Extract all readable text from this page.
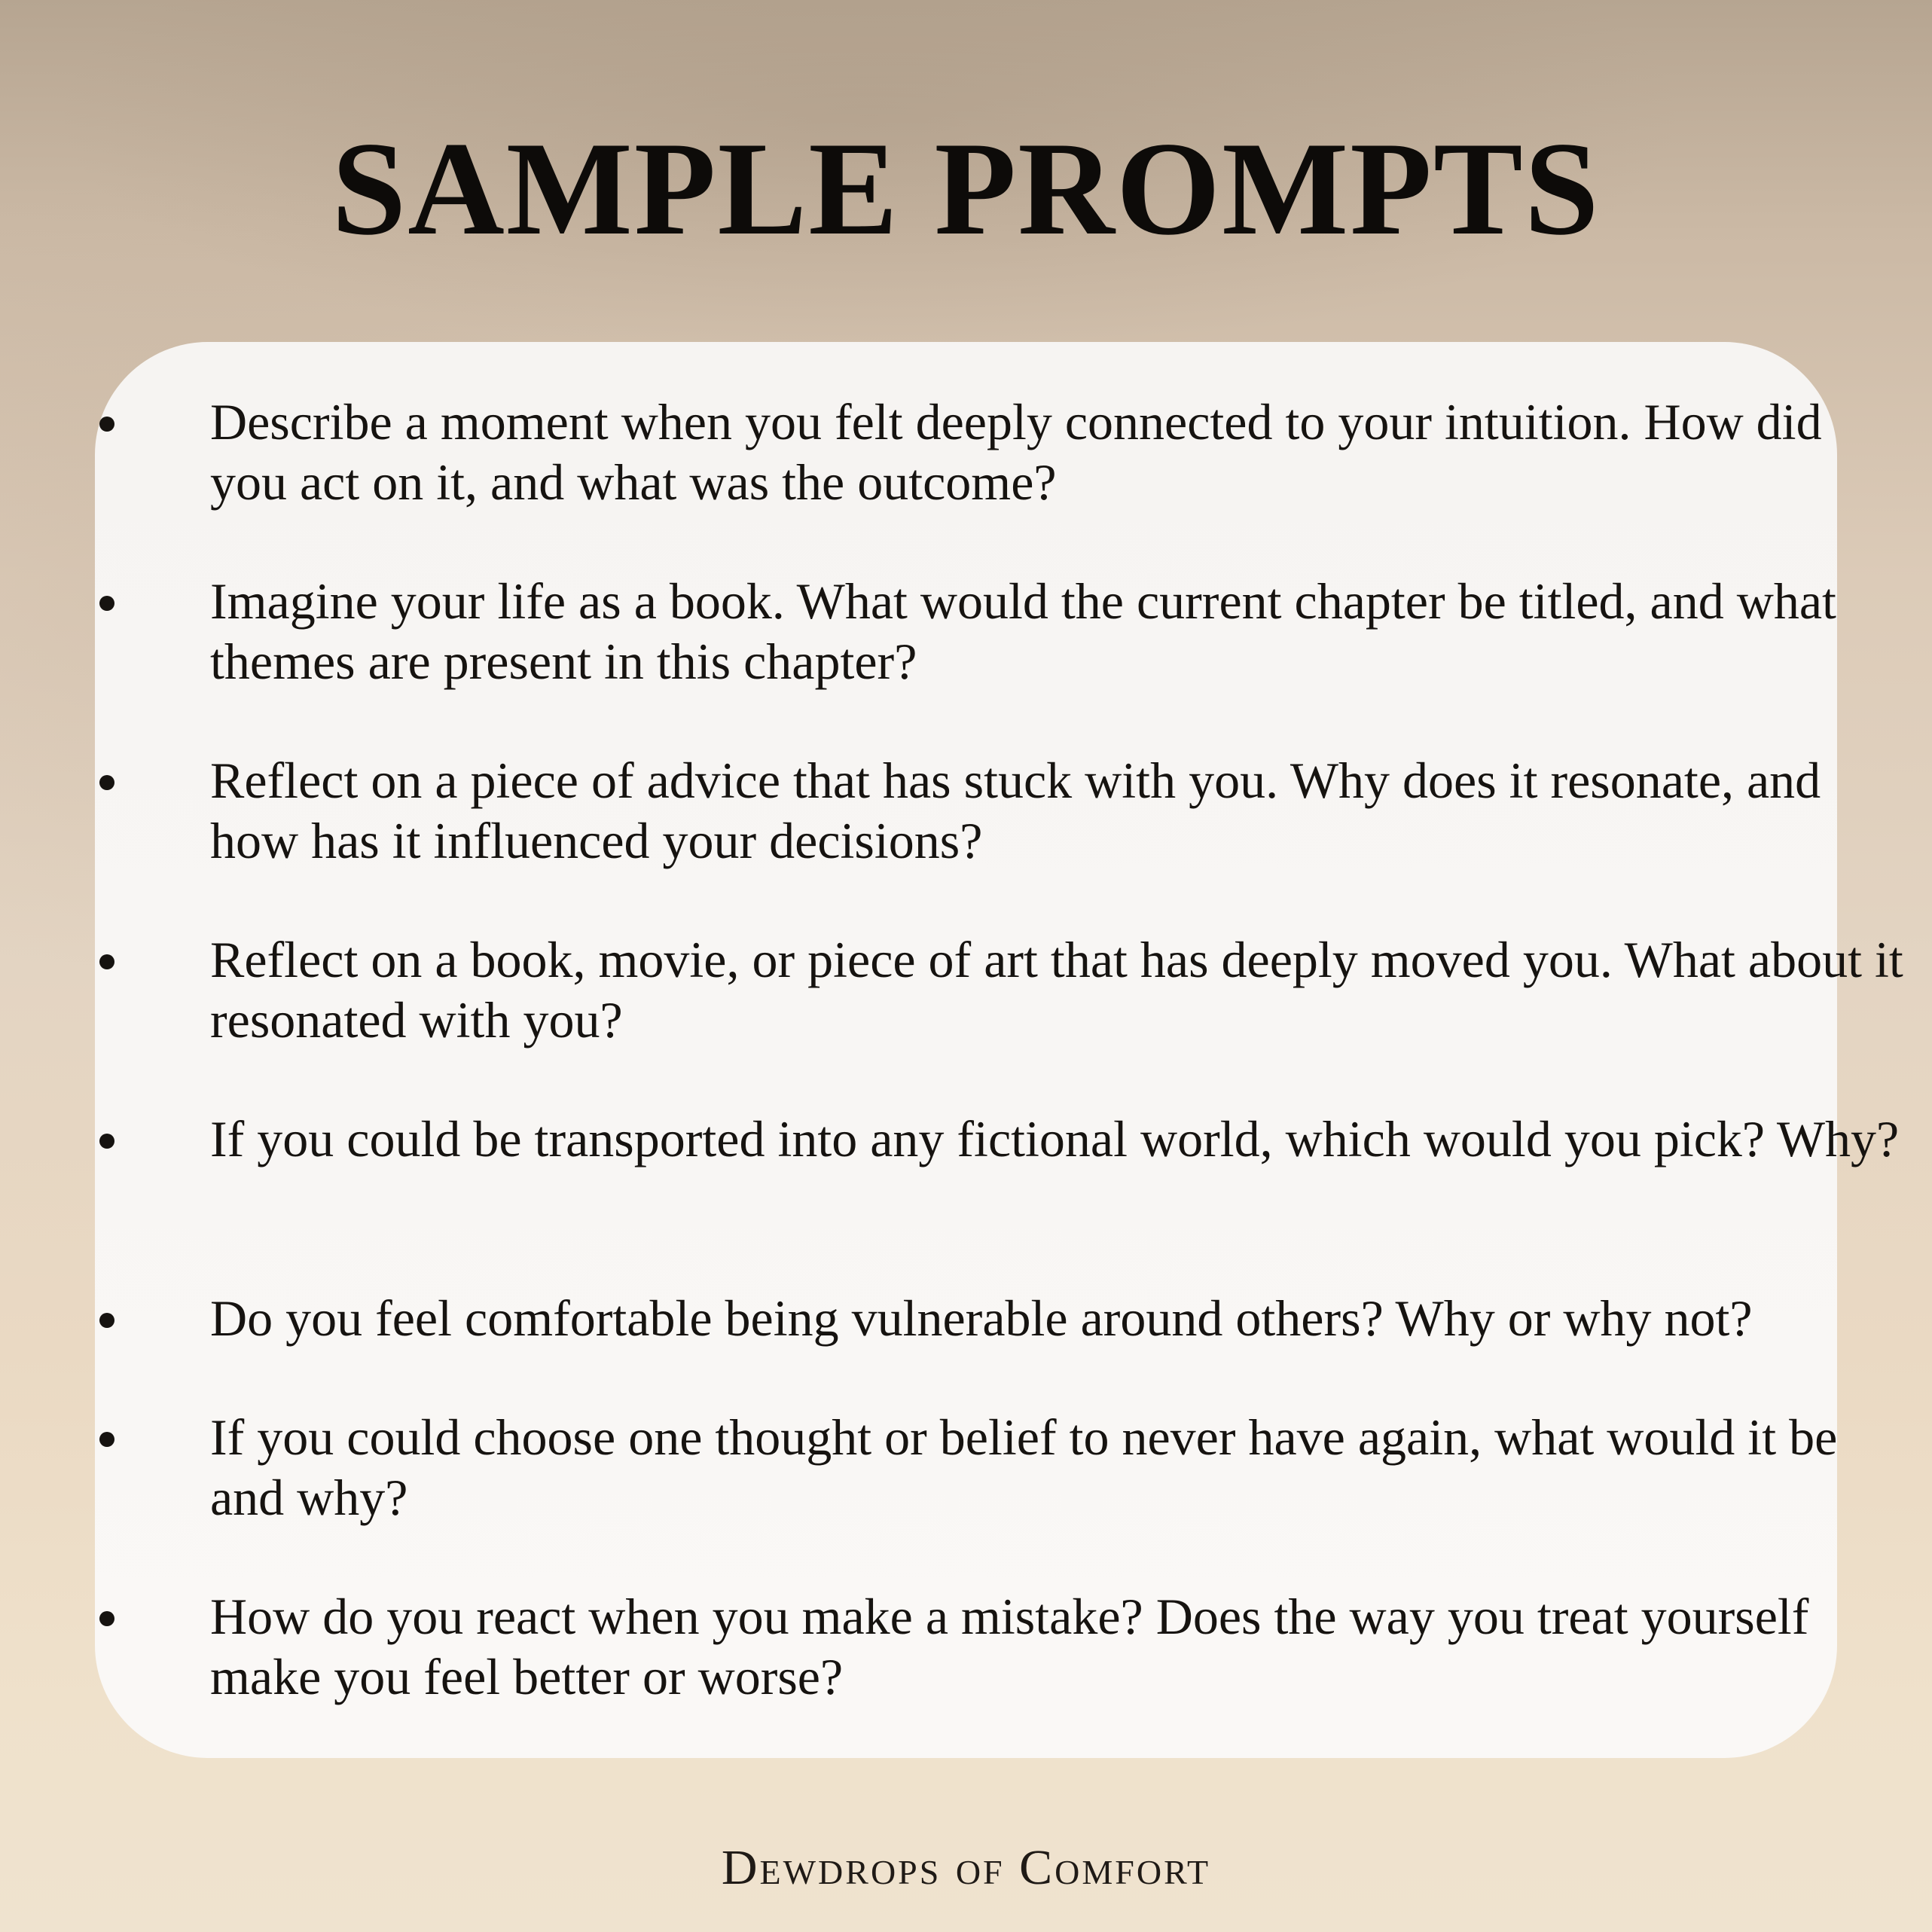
SAMPLE PROMPTS
Describe a moment when you felt deeply connected to your intuition. How did you act on it, and what was the outcome?
Imagine your life as a book. What would the current chapter be titled, and what themes are present in this chapter?
Reflect on a piece of advice that has stuck with you. Why does it resonate, and how has it influenced your decisions?
Reflect on a book, movie, or piece of art that has deeply moved you. What about it resonated with you?
If you could be transported into any fictional world, which would you pick? Why?
Do you feel comfortable being vulnerable around others? Why or why not?
If you could choose one thought or belief to never have again, what would it be and why?
How do you react when you make a mistake? Does the way you treat yourself make you feel better or worse?
Dewdrops of Comfort
